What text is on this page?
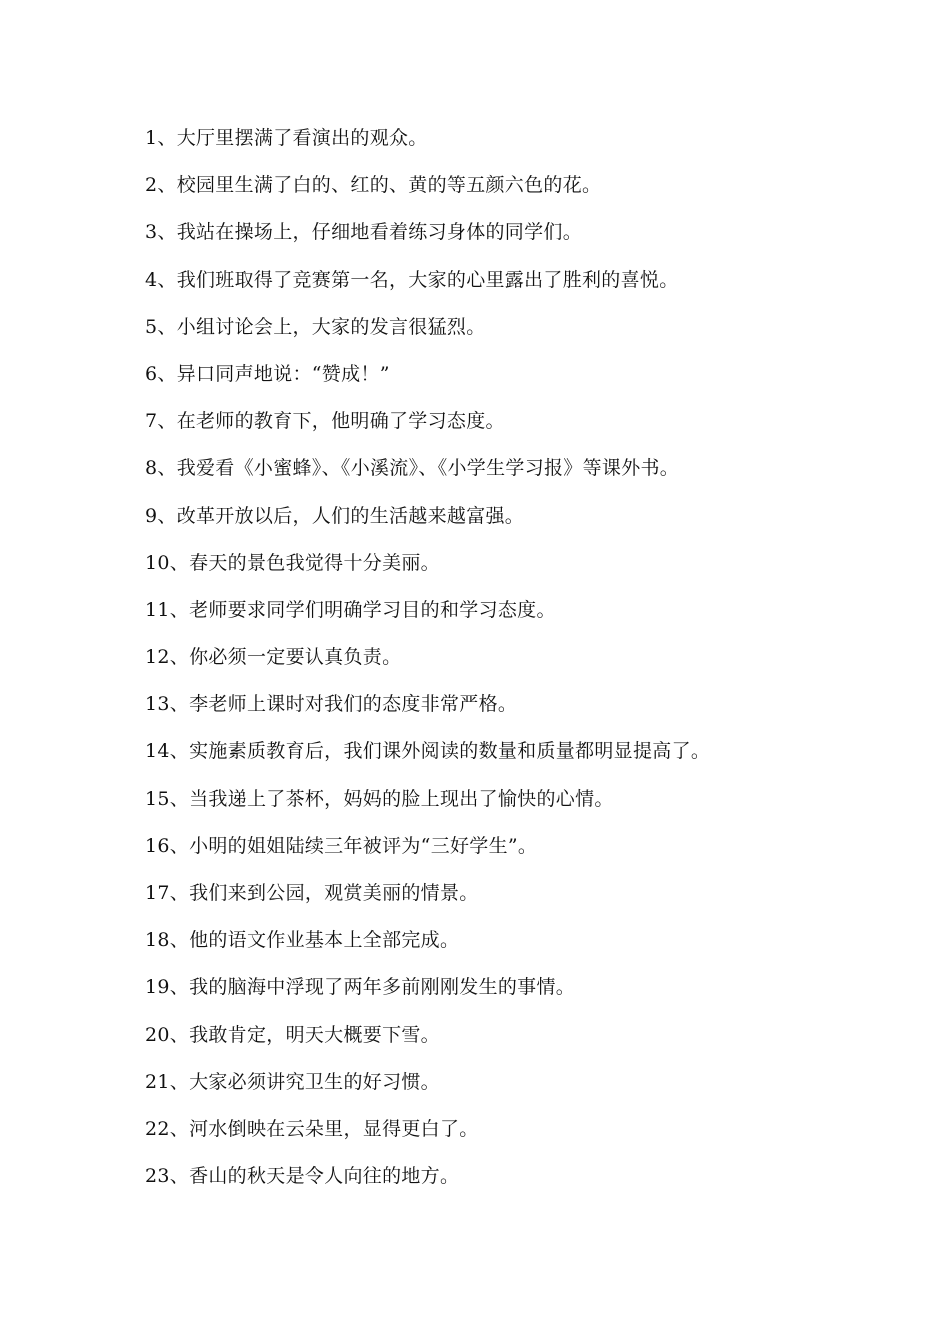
1、大厅里摆满了看演出的观众。
2、校园里生满了白的、红的、黄的等五颜六色的花。
3、我站在操场上，仔细地看着练习身体的同学们。
4、我们班取得了竞赛第一名，大家的心里露出了胜利的喜悦。
5、小组讨论会上，大家的发言很猛烈。
6、异口同声地说：“赞成！”
7、在老师的教育下，他明确了学习态度。
8、我爱看《小蜜蜂》、《小溪流》、《小学生学习报》等课外书。
9、改革开放以后，人们的生活越来越富强。
10、春天的景色我觉得十分美丽。
11、老师要求同学们明确学习目的和学习态度。
12、你必须一定要认真负责。
13、李老师上课时对我们的态度非常严格。
14、实施素质教育后，我们课外阅读的数量和质量都明显提高了。
15、当我递上了茶杯，妈妈的脸上现出了愉快的心情。
16、小明的姐姐陆续三年被评为“三好学生”。
17、我们来到公园，观赏美丽的情景。
18、他的语文作业基本上全部完成。
19、我的脑海中浮现了两年多前刚刚发生的事情。
20、我敢肯定，明天大概要下雪。
21、大家必须讲究卫生的好习惯。
22、河水倒映在云朵里，显得更白了。
23、香山的秋天是令人向往的地方。
